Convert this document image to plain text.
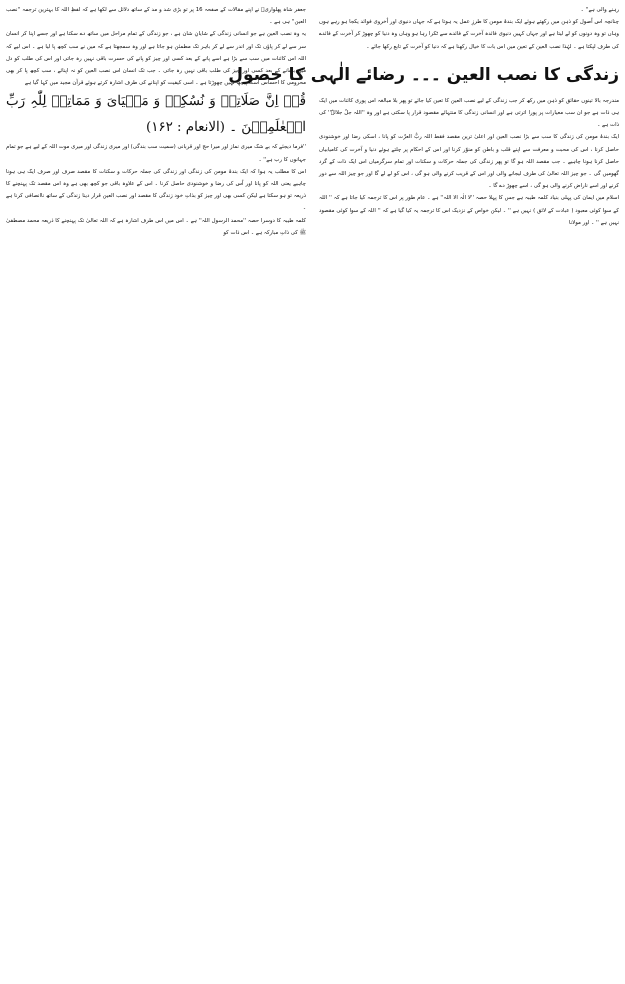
رہنے والی ہے'' ۔

چنانچہ اس اُصول کو ذہن میں رکھتے ہوئے ایک بندۂ مومن کا طرزِ عمل یہ ہوتا ہے کہ جہاں دنیوی اور اُخروی فوائد یکجا ہو رہے ہوں وہاں تو وہ دونوں کو لے لیتا ہے اور جہاں کہیں دنیوی فائدہ آخرت کے فائدے سے ٹکرا رہا ہو وہاں وہ دنیا کو چھوڑ کر آخرت کے فائدے کی طرف لپکتا ہے ۔ لہٰذا نصب العین کے تعین میں اس بات کا خیال رکھنا ہے کہ دنیا کو آخرت کے تابع رکھا جائے ۔

زندگی کا نصب العین ۔۔۔ رضائے الٰہی کا حصول

مندرجہ بالا تینوں حقائق کو ذہن میں رکھ کر جب زندگی کے لیے نصب العین کا تعین کیا جائے تو پھر بلا مبالغہ اس پوری کائنات میں ایک ہی ذات ہے جو ان سب معیارات پر پورا اترتی ہے اور انسانی زندگی کا منتہائے مقصود قرار پا سکتی ہے اور وہ ''اللہ جلّ جلالہٗ'' کی ذات ہے ۔

ایک بندۂ مومن کی زندگی کا سب سے بڑا نصب العین اور اعلیٰ ترین مقصد فقط اللہ ربُّ العزّت کو پانا ، اسکی رضا اور خوشنودی حاصل کرنا ، اس کی محبت و معرفت سے اپنے قلب و باطن کو منوّر کرنا اور اس کے احکام پر چلتے ہوئے دنیا و آخرت کی کامیابیاں حاصل کرنا ہونا چاہیے ۔ جب مقصد اللہ ہو گا تو پھر زندگی کی جملہ حرکات و سکنات اور تمام سرگرمیاں اس ایک ذات کے گرد گھومیں گی ۔ جو چیز اللہ تعالیٰ کی طرف لیجانے والی اور اس کے قریب کرنے والی ہو گی ، اس کو لے لے گا اور جو چیز اللہ سے دور کرنے اور اسے ناراض کرنے والی ہو گی ، اسے چھوڑ دے گا ۔

اسلام میں ایمان کی پہلی بنیاد کلمہ طیبہ ہے جس کا پہلا حصہ ''لا الٰہ الا اللہ'' ہے ۔ عام طور پر اس کا ترجمہ کیا جاتا ہے کہ '' اللہ کے سوا کوئی معبود ( عبادت کے لائق ) نہیں ہے '' ۔ لیکن خواص کے نزدیک اس کا ترجمہ یہ کیا گیا ہے کہ '' اللہ کے سوا کوئی مقصود نہیں ہے '' ۔ اور مولانا

جعفر شاہ پھلواریؒ نے اپنے مقالات کے صفحہ 16 پر تو بڑی شد و مد کے ساتھ دلائل سے لکھا ہے کہ لفظِ اللہ کا بہترین ترجمہ ''نصب العین'' ہی ہے ۔

یہ وہ نصب العین ہے جو انسانی زندگی کے شایانِ شان ہے ، جو زندگی کے تمام مراحل میں ساتھ دے سکتا ہے اور جسے اپنا کر انسان سر سے لے کر پاؤں تک اور اندر سے لے کر باہر تک مطمئن ہو جاتا ہے اور وہ سمجھتا ہے کہ میں نے سب کچھ پا لیا ہے ۔ اس لیے کہ اللہ اس کائنات میں سب سے بڑا ہے اسے پانے کے بعد کسی اور چیز کو پانے کی حسرت باقی نہیں رہ جاتی اور اس کی طلب کو دل میں بسانے کے بعد کسی اور چیز کی طلب باقی نہیں رہ جاتی ۔ جب تک انسان اس نصب العین کو نہ اپنائے ، سب کچھ پا کر بھی محرومی کا احساس اسکا پیچھا نہیں چھوڑتا ہے ۔ اسی کیفیت کو اپنانے کی طرف اشارہ کرتے ہوئے قرآن مجید میں کہا گیا ہے

قُلۡ اِنَّ صَلَاتِیۡ وَ نُسُکِیۡ وَ مَحۡیَایَ وَ مَمَاتِیۡ لِلّٰہِ رَبِّ الۡعٰلَمِیۡنَ ۔ (الانعام : ۱۶۲)

''فرما دیجئے کہ بے شک میری نماز اور میرا حج اور قربانی (سمیت سب بندگی) اور میری زندگی اور میری موت اللہ کے لیے ہے جو تمام جہانوں کا رب ہے'' ۔

اس کا مطلب یہ ہوا کہ ایک بندۂ مومن کی زندگی اور زندگی کی جملہ حرکات و سکنات کا مقصد صرف اور صرف ایک ہی ہونا چاہیے یعنی اللہ کو پانا اور اُس کی رضا و خوشنودی حاصل کرنا ۔ اس کے علاوہ باقی جو کچھ بھی ہے وہ اس مقصد تک پہنچنے کا ذریعہ تو ہو سکتا ہے لیکن کسی بھی اور چیز کو بذاتِ خود زندگی کا مقصد اور نصب العین قرار دینا زندگی کے ساتھ ناانصافی کرنا ہے ۔

کلمہ طیبہ کا دوسرا حصہ ''محمد الرسول اللہ'' ہے ۔ اس میں اس طرف اشارہ ہے کہ اللہ تعالیٰ تک پہنچنے کا ذریعہ محمد مصطفیٰ ﷺ کی ذاتِ مبارکہ ہے ۔ اس ذات کو
